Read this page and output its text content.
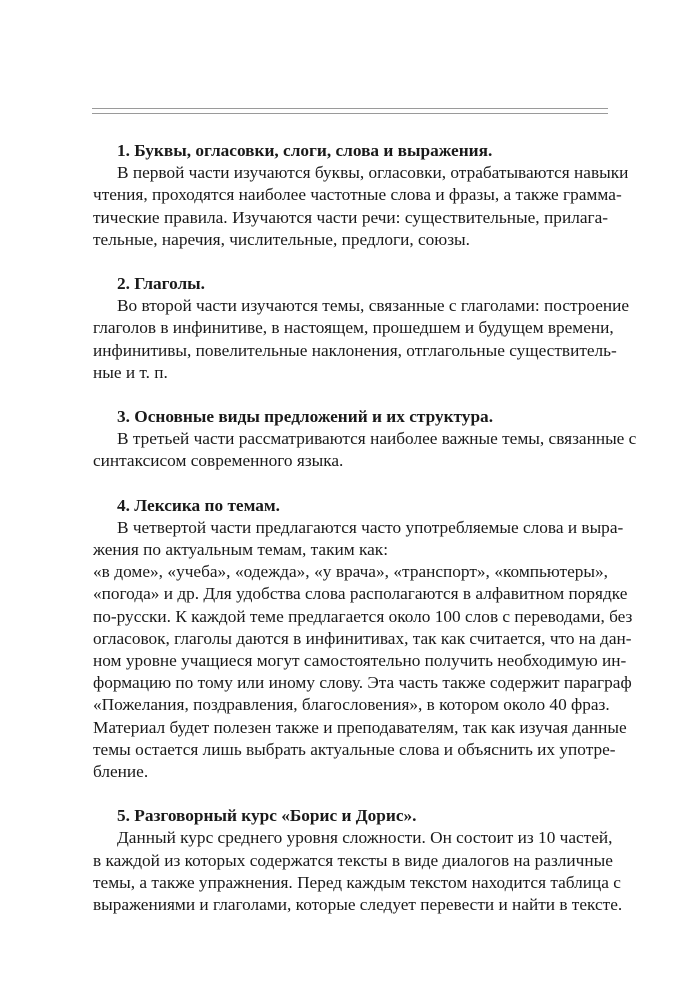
1. Буквы, огласовки, слоги, слова и выражения.

В первой части изучаются буквы, огласовки, отрабатываются навыки
чтения, проходятся наиболее частотные слова и фразы, а также граммa-
тические правила. Изучаются части речи: существительные, прилага-
тельные, наречия, числительные, предлоги, союзы.

2. Глаголы.

Во второй части изучаются темы, связанные с глаголами: построение
глаголов в инфинитиве, в настоящем, прошедшем и будущем времени,
инфинитивы, повелительные наклонения, отглагольные существитель-
ные и т. п.

3. Основные виды предложений и их структура.

В третьей части рассматриваются наиболее важные темы, связанные с
синтаксисом современного языка.

4. Лексика по темам.

В четвертой части предлагаются часто употребляемые слова и выра-
жения по актуальным темам, таким как:
«в доме», «учеба», «одежда», «у врача», «транспорт», «компьютеры»,
«погода» и др. Для удобства слова располагаются в алфавитном порядке
по-русски. К каждой теме предлагается около 100 слов с переводами, без
огласовок, глаголы даются в инфинитивах, так как считается, что на дан-
ном уровне учащиеся могут самостоятельно получить необходимую ин-
формацию по тому или иному слову. Эта часть также содержит параграф
«Пожелания, поздравления, благословения», в котором около 40 фраз.
Материал будет полезен также и преподавателям, так как изучая данные
темы остается лишь выбрать актуальные слова и объяснить их употре-
бление.

5. Разговорный курс «Борис и Дорис».

Данный курс среднего уровня сложности. Он состоит из 10 частей,
в каждой из которых содержатся тексты в виде диалогов на различные
темы, а также упражнения. Перед каждым текстом находится таблица с
выражениями и глаголами, которые следует перевести и найти в тексте.
